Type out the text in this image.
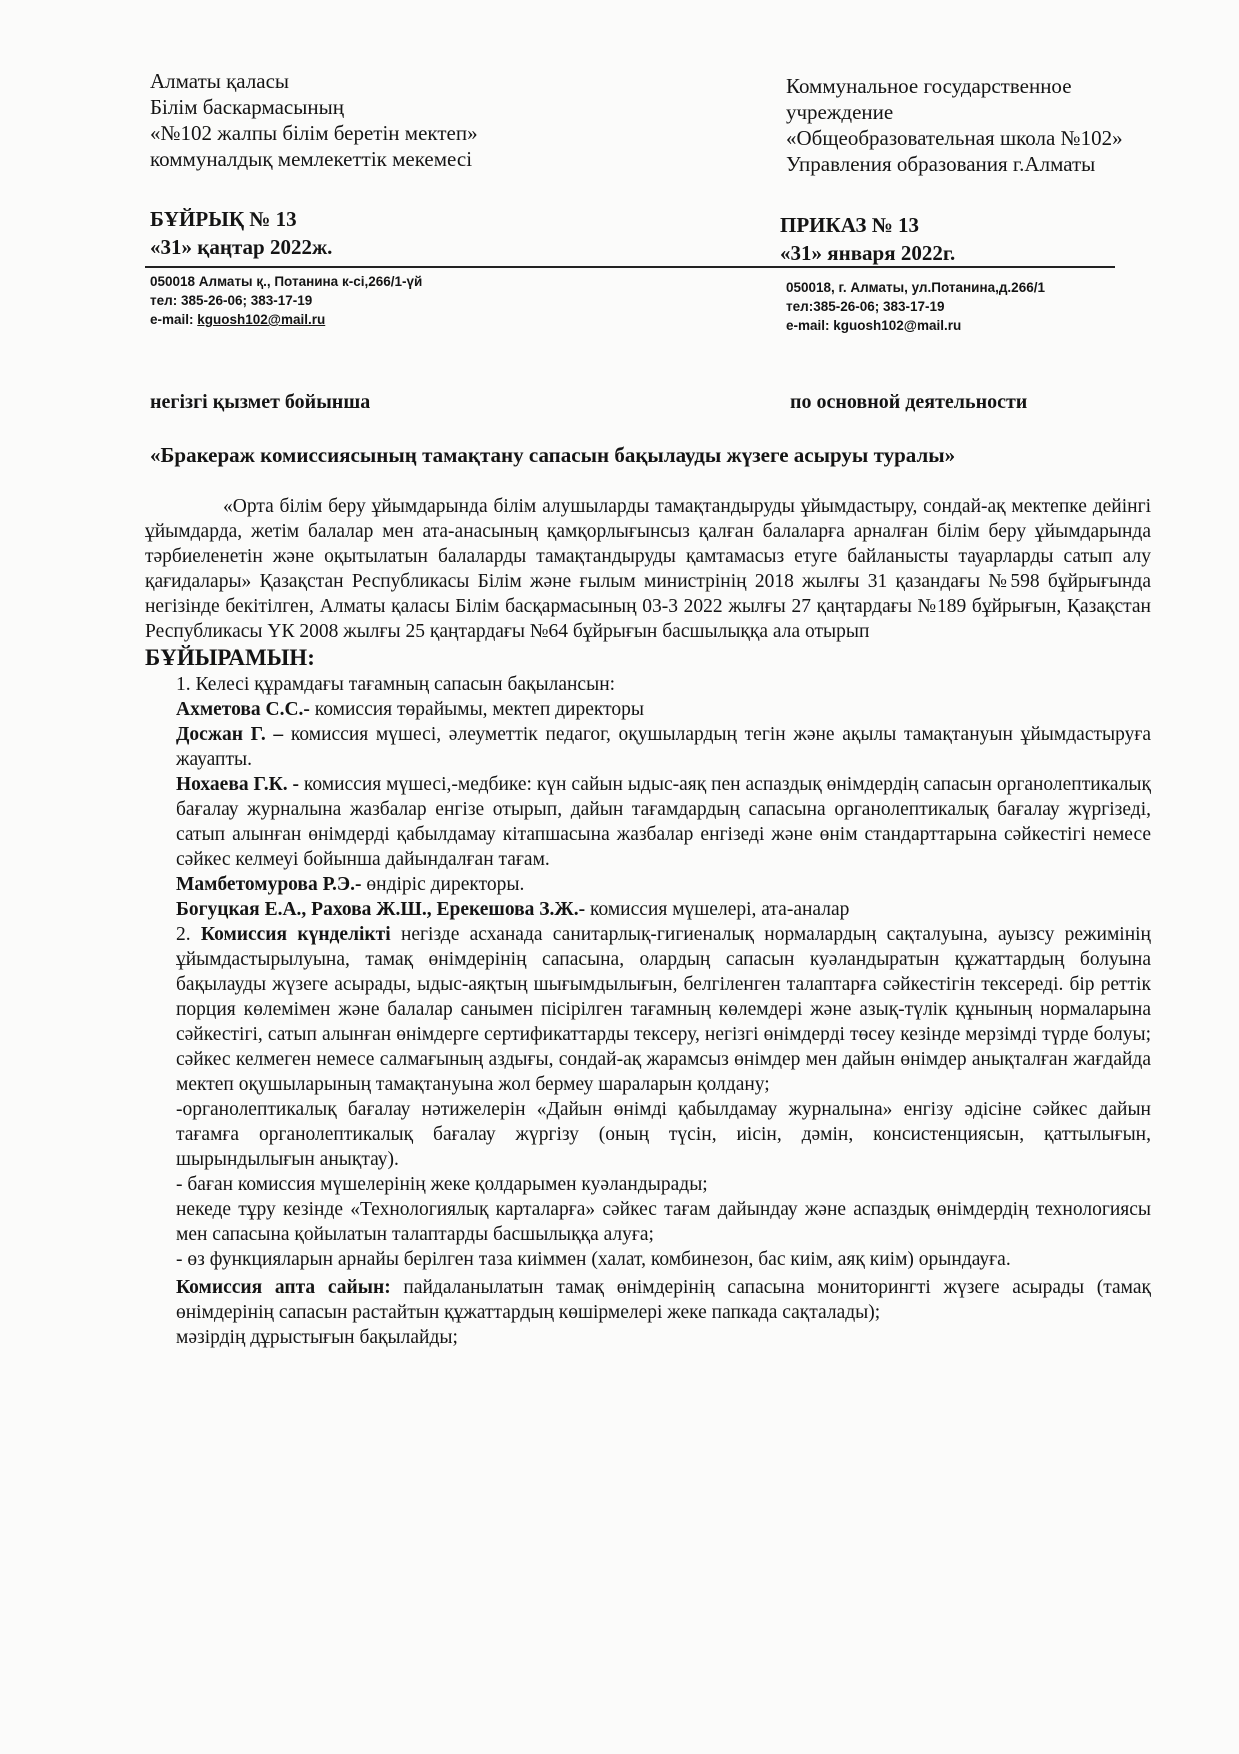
Алматы қаласы
Білім баскармасының
«№102 жалпы білім беретін мектеп»
коммуналдық мемлекеттік мекемесі
Коммунальное государственное
учреждение
«Общеобразовательная школа №102»
Управления образования г.Алматы
БҰЙРЫҚ № 13
«31» қаңтар 2022ж.
ПРИКАЗ № 13
«31» января 2022г.
050018 Алматы қ., Потанина к-сі,266/1-үй
тел: 385-26-06; 383-17-19
e-mail: kguosh102@mail.ru
050018, г. Алматы, ул.Потанина,д.266/1
тел:385-26-06; 383-17-19
e-mail: kguosh102@mail.ru
негізгі қызмет бойынша	по основной деятельности
«Бракераж комиссиясының тамақтану сапасын бақылауды жүзеге асыруы туралы»

«Орта білім беру ұйымдарында білім алушыларды тамақтандыруды ұйымдастыру, сондай-ақ мектепке дейінгі ұйымдарда, жетім балалар мен ата-анасының қамқорлығынсыз қалған балаларға арналған білім беру ұйымдарында тәрбиеленетін және оқытылатын балаларды тамақтандыруды қамтамасыз етуге байланысты тауарларды сатып алу қағидалары» Қазақстан Республикасы Білім және ғылым министрінің 2018 жылғы 31 қазандағы №598 бұйрығында негізінде бекітілген, Алматы қаласы Білім басқармасының 03-3 2022 жылғы 27 қаңтардағы №189 бұйрығын, Қазақстан Республикасы ҮК 2008 жылғы 25 қаңтардағы №64 бұйрығын басшылыққа ала отырып

БҰЙЫРАМЫН:

1. Келесі құрамдағы тағамның сапасын бақылансын:

Ахметова С.С.- комиссия төрайымы, мектеп директоры

Досжан Г. – комиссия мүшесі, әлеуметтік педагог, оқушылардың тегін және ақылы тамақтануын ұйымдастыруға жауапты.

Нохаева Г.К. - комиссия мүшесі,-медбике: күн сайын ыдыс-аяқ пен аспаздық өнімдердің сапасын органолептикалық бағалау журналына жазбалар енгізе отырып, дайын тағамдардың сапасына органолептикалық бағалау жүргізеді, сатып алынған өнімдерді қабылдамау кітапшасына жазбалар енгізеді және өнім стандарттарына сәйкестігі немесе сәйкес келмеуі бойынша дайындалған тағам.

Мамбетомурова Р.Э.- өндіріс директоры.

Богуцкая Е.А., Рахова Ж.Ш., Ерекешова З.Ж.- комиссия мүшелері, ата-аналар

2. Комиссия күнделікті негізде асханада санитарлық-гигиеналық нормалардың сақталуына, ауызсу режимінің ұйымдастырылуына, тамақ өнімдерінің сапасына, олардың сапасын куәландыратын құжаттардың болуына бақылауды жүзеге асырады, ыдыс-аяқтың шығымдылығын, белгіленген талаптарға сәйкестігін тексереді. бір реттік порция көлемімен және балалар санымен пісірілген тағамның көлемдері және азық-түлік құнының нормаларына сәйкестігі, сатып алынған өнімдерге сертификаттарды тексеру, негізгі өнімдерді төсеу кезінде мерзімді түрде болуы; сәйкес келмеген немесе салмағының аздығы, сондай-ақ жарамсыз өнімдер мен дайын өнімдер анықталған жағдайда мектеп оқушыларының тамақтануына жол бермеу шараларын қолдану;

-органолептикалық бағалау нәтижелерін «Дайын өнімді қабылдамау журналына» енгізу әдісіне сәйкес дайын тағамға органолептикалық бағалау жүргізу (оның түсін, иісін, дәмін, консистенциясын, қаттылығын, шырындылығын анықтау).

- баған комиссия мүшелерінің жеке қолдарымен куәландырады;

некеде тұру кезінде «Технологиялық карталарға» сәйкес тағам дайындау және аспаздық өнімдердің технологиясы мен сапасына қойылатын талаптарды басшылыққа алуға;

- өз функцияларын арнайы берілген таза киіммен (халат, комбинезон, бас киім, аяқ киім) орындауға.

Комиссия апта сайын: пайдаланылатын тамақ өнімдерінің сапасына мониторингті жүзеге асырады (тамақ өнімдерінің сапасын растайтын құжаттардың көшірмелері жеке папкада сақталады);

мәзірдің дұрыстығын бақылайды;
